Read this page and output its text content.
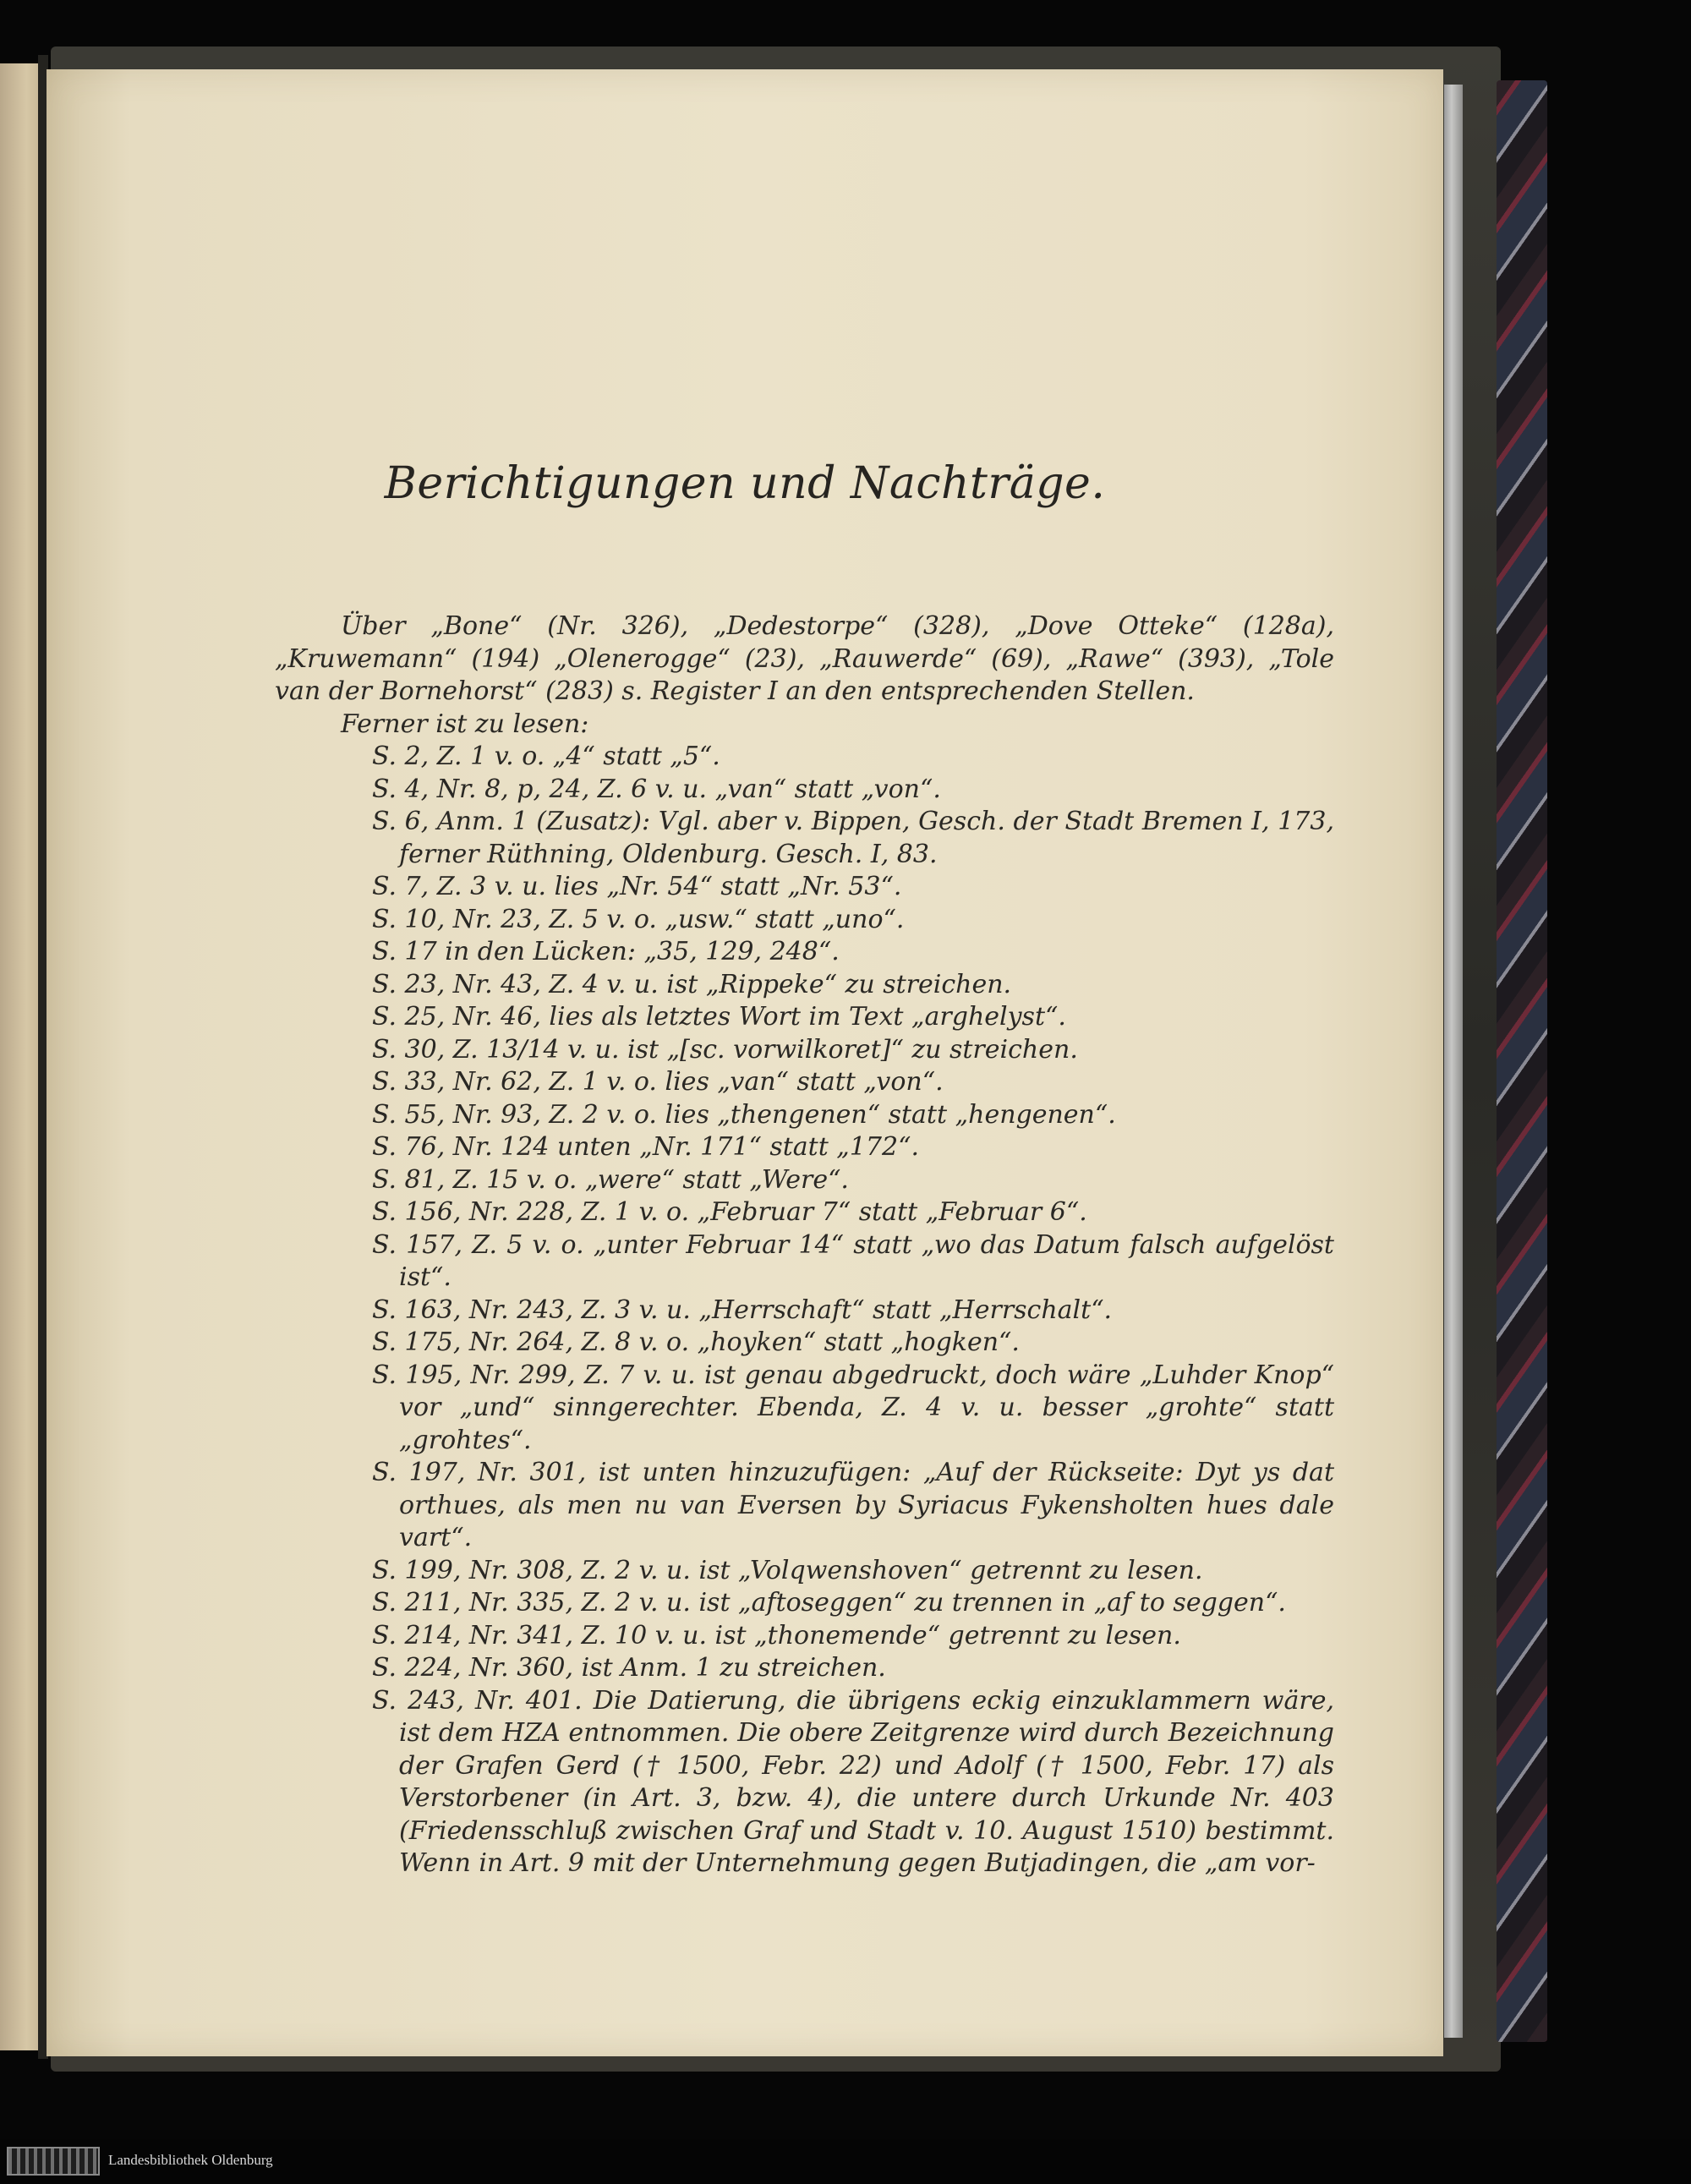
Berichtigungen und Nachträge.
Über „Bone“ (Nr. 326), „Dedestorpe“ (328), „Dove Otteke“ (128a), „Kruwemann“ (194) „Olenerogge“ (23), „Rauwerde“ (69), „Rawe“ (393), „Tole van der Bornehorst“ (283) s. Register I an den entsprechenden Stellen.
Ferner ist zu lesen:
S. 2, Z. 1 v. o. „4“ statt „5“.
S. 4, Nr. 8, p, 24, Z. 6 v. u. „van“ statt „von“.
S. 6, Anm. 1 (Zusatz): Vgl. aber v. Bippen, Gesch. der Stadt Bremen I, 173, ferner Rüthning, Oldenburg. Gesch. I, 83.
S. 7, Z. 3 v. u. lies „Nr. 54“ statt „Nr. 53“.
S. 10, Nr. 23, Z. 5 v. o. „usw.“ statt „uno“.
S. 17 in den Lücken: „35, 129, 248“.
S. 23, Nr. 43, Z. 4 v. u. ist „Rippeke“ zu streichen.
S. 25, Nr. 46, lies als letztes Wort im Text „arghelyst“.
S. 30, Z. 13/14 v. u. ist „[sc. vorwilkoret]“ zu streichen.
S. 33, Nr. 62, Z. 1 v. o. lies „van“ statt „von“.
S. 55, Nr. 93, Z. 2 v. o. lies „thengenen“ statt „hengenen“.
S. 76, Nr. 124 unten „Nr. 171“ statt „172“.
S. 81, Z. 15 v. o. „were“ statt „Were“.
S. 156, Nr. 228, Z. 1 v. o. „Februar 7“ statt „Februar 6“.
S. 157, Z. 5 v. o. „unter Februar 14“ statt „wo das Datum falsch aufgelöst ist“.
S. 163, Nr. 243, Z. 3 v. u. „Herrschaft“ statt „Herrschalt“.
S. 175, Nr. 264, Z. 8 v. o. „hoyken“ statt „hogken“.
S. 195, Nr. 299, Z. 7 v. u. ist genau abgedruckt, doch wäre „Luhder Knop“ vor „und“ sinngerechter. Ebenda, Z. 4 v. u. besser „grohte“ statt „grohtes“.
S. 197, Nr. 301, ist unten hinzuzufügen: „Auf der Rückseite: Dyt ys dat orthues, als men nu van Eversen by Syriacus Fykensholten hues dale vart“.
S. 199, Nr. 308, Z. 2 v. u. ist „Volqwenshoven“ getrennt zu lesen.
S. 211, Nr. 335, Z. 2 v. u. ist „aftoseggen“ zu trennen in „af to seggen“.
S. 214, Nr. 341, Z. 10 v. u. ist „thonemende“ getrennt zu lesen.
S. 224, Nr. 360, ist Anm. 1 zu streichen.
S. 243, Nr. 401. Die Datierung, die übrigens eckig einzuklammern wäre, ist dem HZA entnommen. Die obere Zeitgrenze wird durch Bezeichnung der Grafen Gerd († 1500, Febr. 22) und Adolf († 1500, Febr. 17) als Verstorbener (in Art. 3, bzw. 4), die untere durch Urkunde Nr. 403 (Friedensschluß zwischen Graf und Stadt v. 10. August 1510) bestimmt. Wenn in Art. 9 mit der Unternehmung gegen Butjadingen, die „am vor-
Landesbibliothek Oldenburg
